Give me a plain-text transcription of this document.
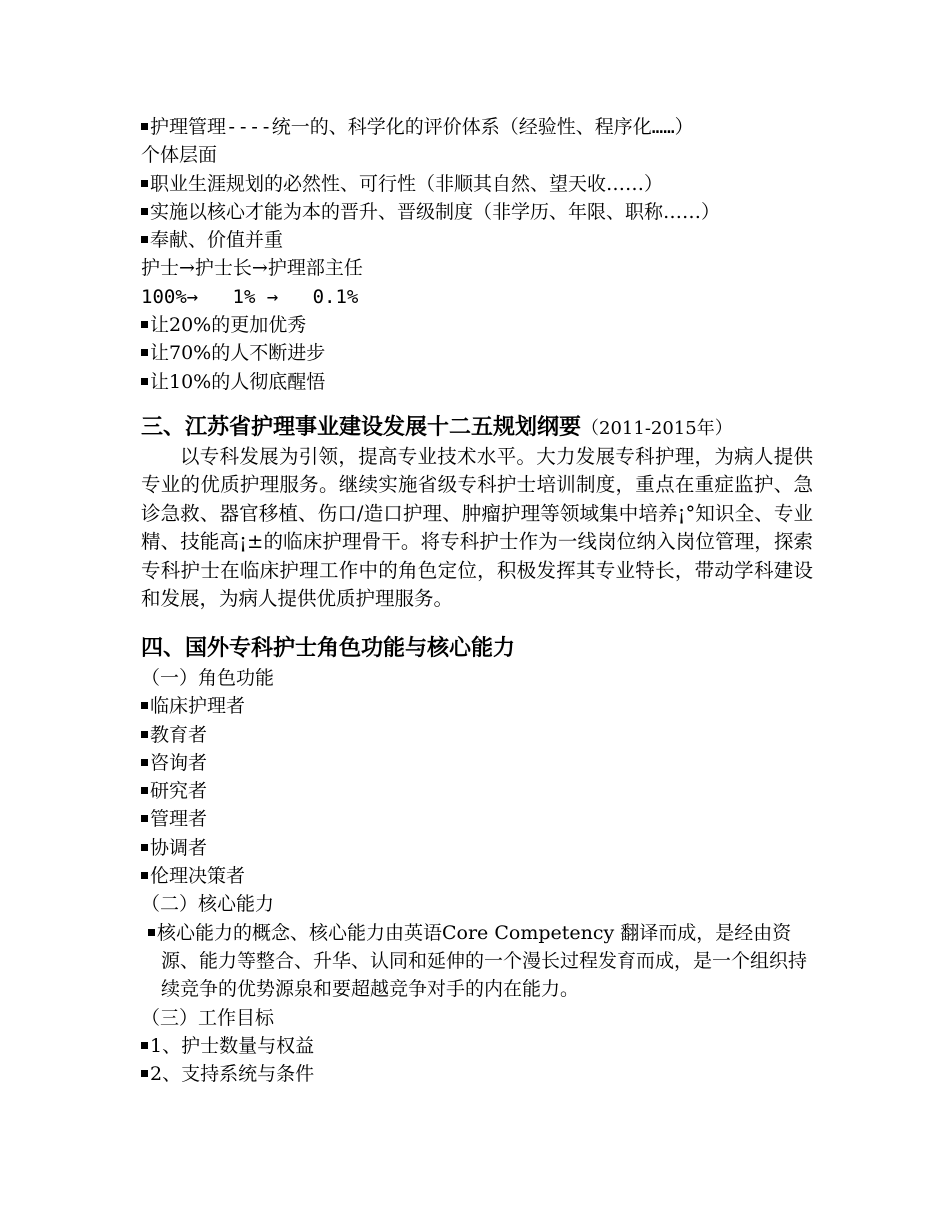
护理管理----统一的、科学化的评价体系（经验性、程序化……）
个体层面
职业生涯规划的必然性、可行性（非顺其自然、望天收……）
实施以核心才能为本的晋升、晋级制度（非学历、年限、职称……）
奉献、价值并重
护士→护士长→护理部主任
100%→   1% →   0.1%
让20%的更加优秀
让70%的人不断进步
让10%的人彻底醒悟
三、江苏省护理事业建设发展十二五规划纲要（2011-2015年）
以专科发展为引领，提高专业技术水平。大力发展专科护理，为病人提供专业的优质护理服务。继续实施省级专科护士培训制度，重点在重症监护、急诊急救、器官移植、伤口/造口护理、肿瘤护理等领域集中培养¡°知识全、专业精、技能高¡±的临床护理骨干。将专科护士作为一线岗位纳入岗位管理，探索专科护士在临床护理工作中的角色定位，积极发挥其专业特长，带动学科建设和发展，为病人提供优质护理服务。
四、国外专科护士角色功能与核心能力
（一）角色功能
临床护理者
教育者
咨询者
研究者
管理者
协调者
伦理决策者
（二）核心能力
核心能力的概念、核心能力由英语Core Competency 翻译而成，是经由资源、能力等整合、升华、认同和延伸的一个漫长过程发育而成，是一个组织持续竞争的优势源泉和要超越竞争对手的内在能力。
（三）工作目标
1、护士数量与权益
2、支持系统与条件
